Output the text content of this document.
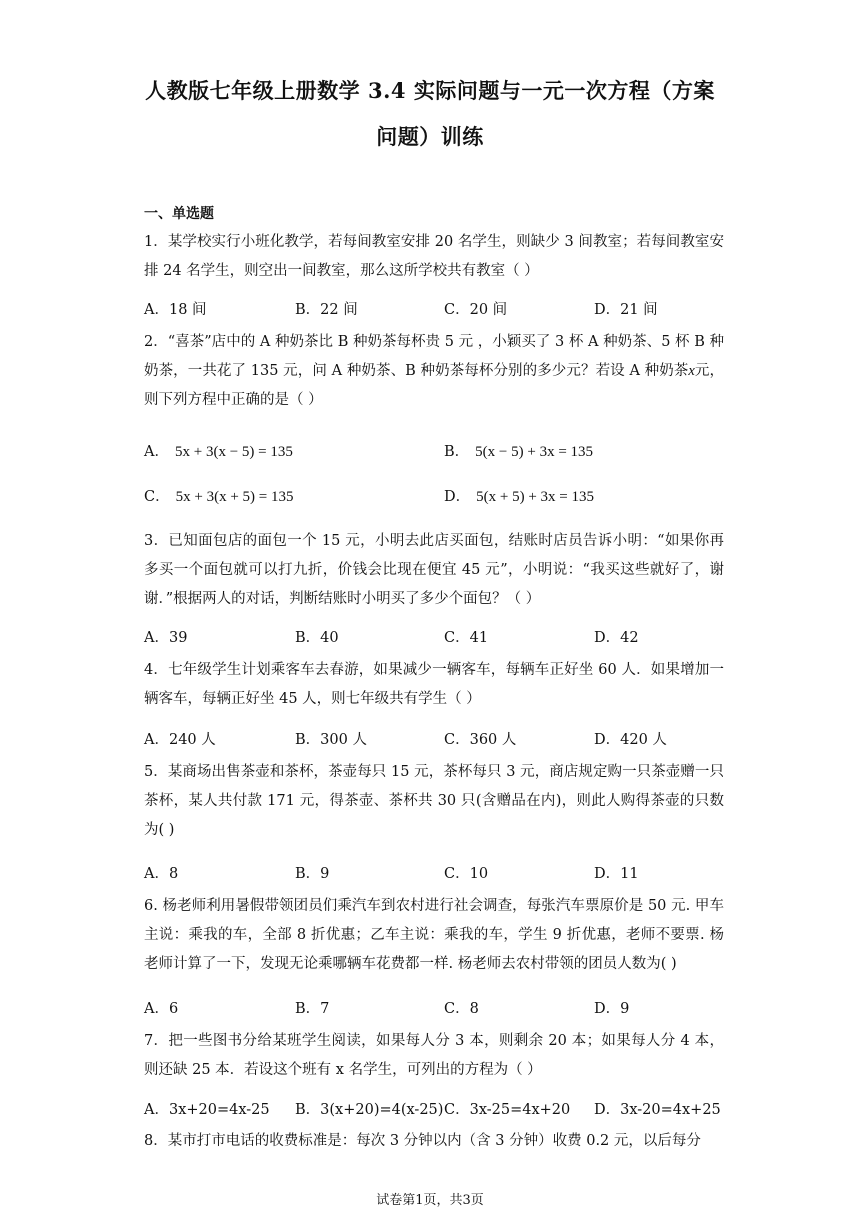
人教版七年级上册数学 3.4 实际问题与一元一次方程（方案
问题）训练
一、单选题
1．某学校实行小班化教学，若每间教室安排 20 名学生，则缺少 3 间教室；若每间教室安排 24 名学生，则空出一间教室，那么这所学校共有教室（ ）
A．18 间	B．22 间	C．20 间	D．21 间
2．“喜茶”店中的 A 种奶茶比 B 种奶茶每杯贵 5 元 ，小颖买了 3 杯 A 种奶茶、5 杯 B 种奶茶，一共花了 135 元，问 A 种奶茶、B 种奶茶每杯分别的多少元？若设 A 种奶茶x元，则下列方程中正确的是（ ）
A． 5x + 3(x − 5) = 135	B． 5(x − 5) + 3x = 135
C． 5x + 3(x + 5) = 135	D． 5(x + 5) + 3x = 135
3．已知面包店的面包一个 15 元，小明去此店买面包，结账时店员告诉小明：“如果你再多买一个面包就可以打九折，价钱会比现在便宜 45 元”，小明说：“我买这些就好了，谢谢．”根据两人的对话，判断结账时小明买了多少个面包？（ ）
A．39	B．40	C．41	D．42
4．七年级学生计划乘客车去春游，如果减少一辆客车，每辆车正好坐 60 人．如果增加一辆客车，每辆正好坐 45 人，则七年级共有学生（ ）
A．240 人	B．300 人	C．360 人	D．420 人
5．某商场出售茶壶和茶杯，茶壶每只 15 元，茶杯每只 3 元，商店规定购一只茶壶赠一只茶杯，某人共付款 171 元，得茶壶、茶杯共 30 只(含赠品在内)，则此人购得茶壶的只数为( )
A．8	B．9	C．10	D．11
6. 杨老师利用暑假带领团员们乘汽车到农村进行社会调查，每张汽车票原价是 50 元. 甲车主说：乘我的车，全部 8 折优惠；乙车主说：乘我的车，学生 9 折优惠，老师不要票. 杨老师计算了一下，发现无论乘哪辆车花费都一样. 杨老师去农村带领的团员人数为( )
A．6	B．7	C．8	D．9
7．把一些图书分给某班学生阅读，如果每人分 3 本，则剩余 20 本；如果每人分 4 本，则还缺 25 本．若设这个班有 x 名学生，可列出的方程为（ ）
A．3x+20=4x-25 B．3(x+20)=4(x-25) C．3x-25=4x+20 D．3x-20=4x+25
8．某市打市电话的收费标准是：每次 3 分钟以内（含 3 分钟）收费 0.2 元，以后每分
试卷第1页，共3页
